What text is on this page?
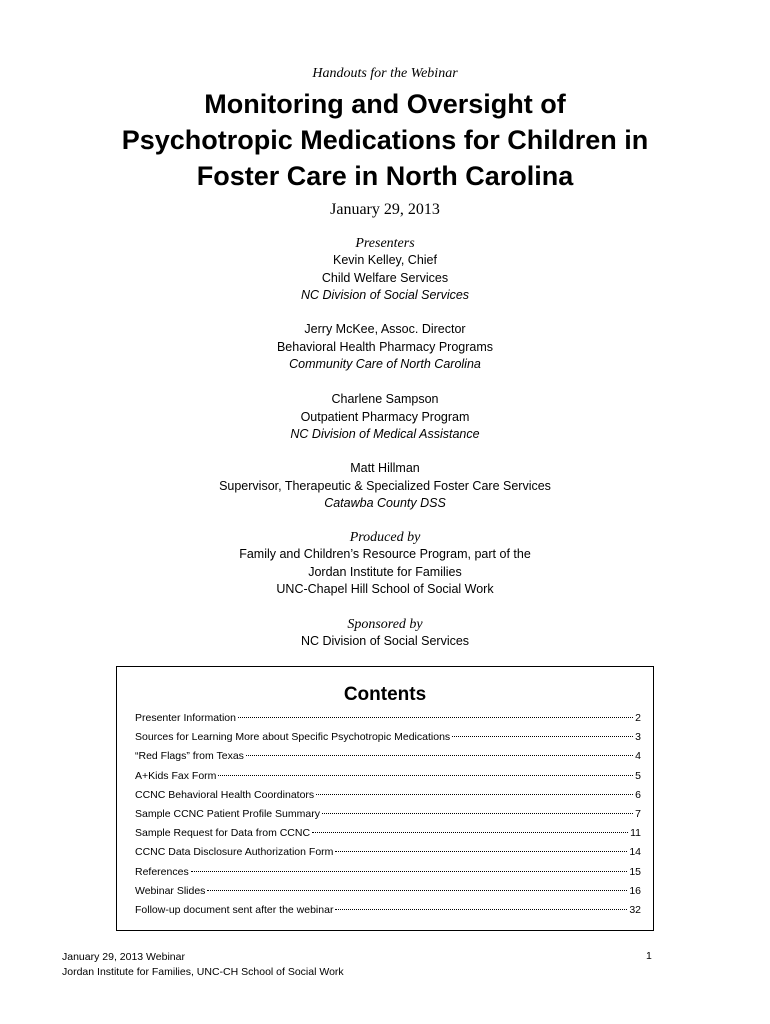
Handouts for the Webinar
Monitoring and Oversight of
Psychotropic Medications for Children in
Foster Care in North Carolina
January 29, 2013
Presenters
Kevin Kelley, Chief
Child Welfare Services
NC Division of Social Services
Jerry McKee, Assoc. Director
Behavioral Health Pharmacy Programs
Community Care of North Carolina
Charlene Sampson
Outpatient Pharmacy Program
NC Division of Medical Assistance
Matt Hillman
Supervisor, Therapeutic & Specialized Foster Care Services
Catawba County DSS
Produced by
Family and Children’s Resource Program, part of the
Jordan Institute for Families
UNC-Chapel Hill School of Social Work
Sponsored by
NC Division of Social Services
Contents
Presenter Information	2
Sources for Learning More about Specific Psychotropic Medications	3
“Red Flags” from Texas	4
A+Kids Fax Form	5
CCNC Behavioral Health Coordinators	6
Sample CCNC Patient Profile Summary	7
Sample Request for Data from CCNC	11
CCNC Data Disclosure Authorization Form	14
References	15
Webinar Slides	16
Follow-up document sent after the webinar	32
January 29, 2013 Webinar
Jordan Institute for Families, UNC-CH School of Social Work
1
